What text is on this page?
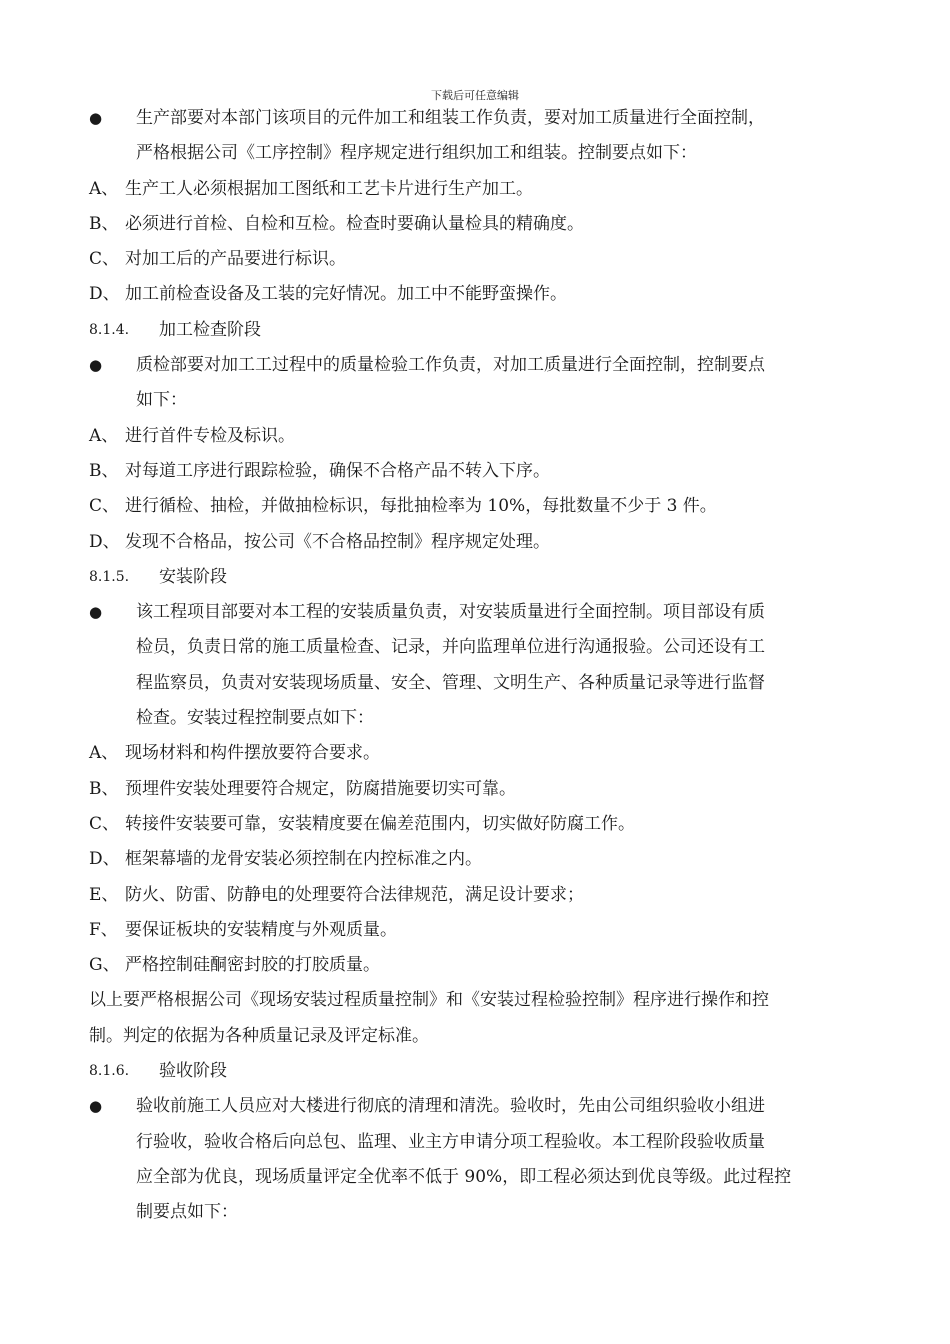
下载后可任意编辑
● 生产部要对本部门该项目的元件加工和组装工作负责，要对加工质量进行全面控制，
严格根据公司《工序控制》程序规定进行组织加工和组装。控制要点如下：
A、 生产工人必须根据加工图纸和工艺卡片进行生产加工。
B、 必须进行首检、自检和互检。检查时要确认量检具的精确度。
C、 对加工后的产品要进行标识。
D、 加工前检查设备及工装的完好情况。加工中不能野蛮操作。
8.1.4. 加工检查阶段
● 质检部要对加工工过程中的质量检验工作负责，对加工质量进行全面控制，控制要点
如下：
A、 进行首件专检及标识。
B、 对每道工序进行跟踪检验，确保不合格产品不转入下序。
C、 进行循检、抽检，并做抽检标识，每批抽检率为 10%，每批数量不少于 3 件。
D、 发现不合格品，按公司《不合格品控制》程序规定处理。
8.1.5. 安装阶段
● 该工程项目部要对本工程的安装质量负责，对安装质量进行全面控制。项目部设有质
检员，负责日常的施工质量检查、记录，并向监理单位进行沟通报验。公司还设有工
程监察员，负责对安装现场质量、安全、管理、文明生产、各种质量记录等进行监督
检查。安装过程控制要点如下：
A、 现场材料和构件摆放要符合要求。
B、 预埋件安装处理要符合规定，防腐措施要切实可靠。
C、 转接件安装要可靠，安装精度要在偏差范围内，切实做好防腐工作。
D、 框架幕墙的龙骨安装必须控制在内控标准之内。
E、 防火、防雷、防静电的处理要符合法律规范，满足设计要求；
F、 要保证板块的安装精度与外观质量。
G、 严格控制硅酮密封胶的打胶质量。
以上要严格根据公司《现场安装过程质量控制》和《安装过程检验控制》程序进行操作和控
制。判定的依据为各种质量记录及评定标准。
8.1.6. 验收阶段
● 验收前施工人员应对大楼进行彻底的清理和清洗。验收时，先由公司组织验收小组进
行验收，验收合格后向总包、监理、业主方申请分项工程验收。本工程阶段验收质量
应全部为优良，现场质量评定全优率不低于 90%，即工程必须达到优良等级。此过程控
制要点如下：
